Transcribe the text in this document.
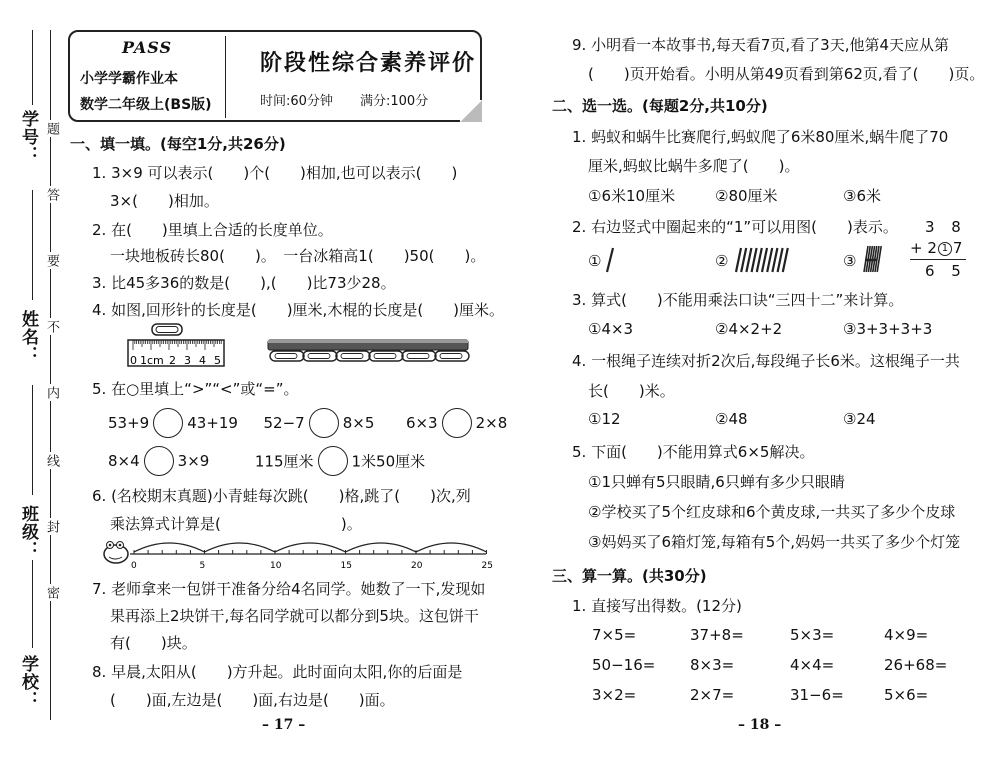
学号：
姓名：
班级：
学校：
题
答
要
不
内
线
封
密
PASS
小学学霸作业本
数学二年级上(BS版)
阶段性综合素养评价
时间:60分钟 满分:100分
一、填一填。(每空1分,共26分)
1. 3×9 可以表示(　　)个(　　)相加,也可以表示(　　)
3×(　　)相加。
2. 在(　　)里填上合适的长度单位。
一块地板砖长80(　　)。　一台冰箱高1(　　)50(　　)。
3. 比45多36的数是(　　),(　　)比73少28。
4. 如图,回形针的长度是(　　)厘米,木棍的长度是(　　)厘米。
0 1cm 2 3 4 5
5. 在○里填上“>”“<”或“=”。
53+9	43+19 52−7	8×5 6×3	2×8
8×4	3×9	115厘米	1米50厘米
6. (名校期末真题)小青蛙每次跳(　　)格,跳了(　　)次,列
乘法算式计算是(　　　　　　　　)。
0	5	10	15	20	25
7. 老师拿来一包饼干准备分给4名同学。她数了一下,发现如
果再添上2块饼干,每名同学就可以都分到5块。这包饼干
有(　　)块。
8. 早晨,太阳从(　　)方升起。此时面向太阳,你的后面是
(　　)面,左边是(　　)面,右边是(　　)面。
– 17 –
9. 小明看一本故事书,每天看7页,看了3天,他第4天应从第
(　　)页开始看。小明从第49页看到第62页,看了(　　)页。
二、选一选。(每题2分,共10分)
1. 蚂蚁和蜗牛比赛爬行,蚂蚁爬了6米80厘米,蜗牛爬了70
厘米,蚂蚁比蜗牛多爬了(　　)。
①6米10厘米	②80厘米	③6米
2. 右边竖式中圈起来的“1”可以用图(　　)表示。
①	②	③
3 8
+ 2 1 7
6 5
3. 算式(　　)不能用乘法口诀“三四十二”来计算。
①4×3	②4×2+2	③3+3+3+3
4. 一根绳子连续对折2次后,每段绳子长6米。这根绳子一共
长(　　)米。
①12	②48	③24
5. 下面(　　)不能用算式6×5解决。
①1只蝉有5只眼睛,6只蝉有多少只眼睛
②学校买了5个红皮球和6个黄皮球,一共买了多少个皮球
③妈妈买了6箱灯笼,每箱有5个,妈妈一共买了多少个灯笼
三、算一算。(共30分)
1. 直接写出得数。(12分)
7×5=	37+8=	5×3=	4×9=
50−16= 8×3=	4×4=	26+68=
3×2=	2×7=	31−6=	5×6=
– 18 –
